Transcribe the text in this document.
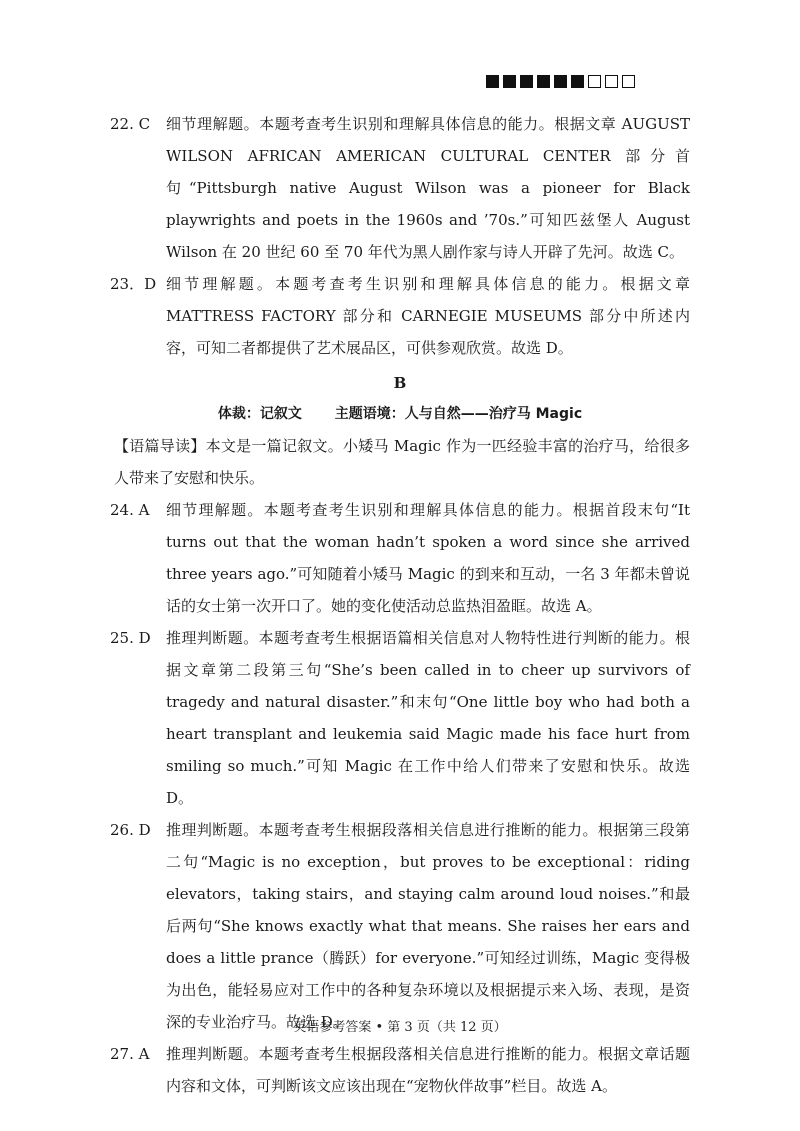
22. C	细节理解题。本题考查考生识别和理解具体信息的能力。根据文章 AUGUST WILSON AFRICAN AMERICAN CULTURAL CENTER 部分首句“Pittsburgh native August Wilson was a pioneer for Black playwrights and poets in the 1960s and ’70s.”可知匹兹堡人 August Wilson 在 20 世纪 60 至 70 年代为黑人剧作家与诗人开辟了先河。故选 C。
23．D 细节理解题。本题考查考生识别和理解具体信息的能力。根据文章 MATTRESS FACTORY 部分和 CARNEGIE MUSEUMS 部分中所述内容，可知二者都提供了艺术展品区，可供参观欣赏。故选 D。
B
体裁：记叙文 主题语境：人与自然——治疗马 Magic
【语篇导读】本文是一篇记叙文。小矮马 Magic 作为一匹经验丰富的治疗马，给很多人带来了安慰和快乐。
24. A	细节理解题。本题考查考生识别和理解具体信息的能力。根据首段末句“It turns out that the woman hadn’t spoken a word since she arrived three years ago.”可知随着小矮马 Magic 的到来和互动，一名 3 年都未曾说话的女士第一次开口了。她的变化使活动总监热泪盈眶。故选 A。
25. D	推理判断题。本题考查考生根据语篇相关信息对人物特性进行判断的能力。根据文章第二段第三句“She’s been called in to cheer up survivors of tragedy and natural disaster.”和末句“One little boy who had both a heart transplant and leukemia said Magic made his face hurt from smiling so much.”可知 Magic 在工作中给人们带来了安慰和快乐。故选 D。
26. D	推理判断题。本题考查考生根据段落相关信息进行推断的能力。根据第三段第二句“Magic is no exception，but proves to be exceptional：riding elevators，taking stairs，and staying calm around loud noises.”和最后两句“She knows exactly what that means. She raises her ears and does a little prance（腾跃）for everyone.”可知经过训练，Magic 变得极为出色，能轻易应对工作中的各种复杂环境以及根据提示来入场、表现，是资深的专业治疗马。故选 D。
27. A	推理判断题。本题考查考生根据段落相关信息进行推断的能力。根据文章话题内容和文体，可判断该文应该出现在“宠物伙伴故事”栏目。故选 A。
英语参考答案 • 第 3 页（共 12 页）
